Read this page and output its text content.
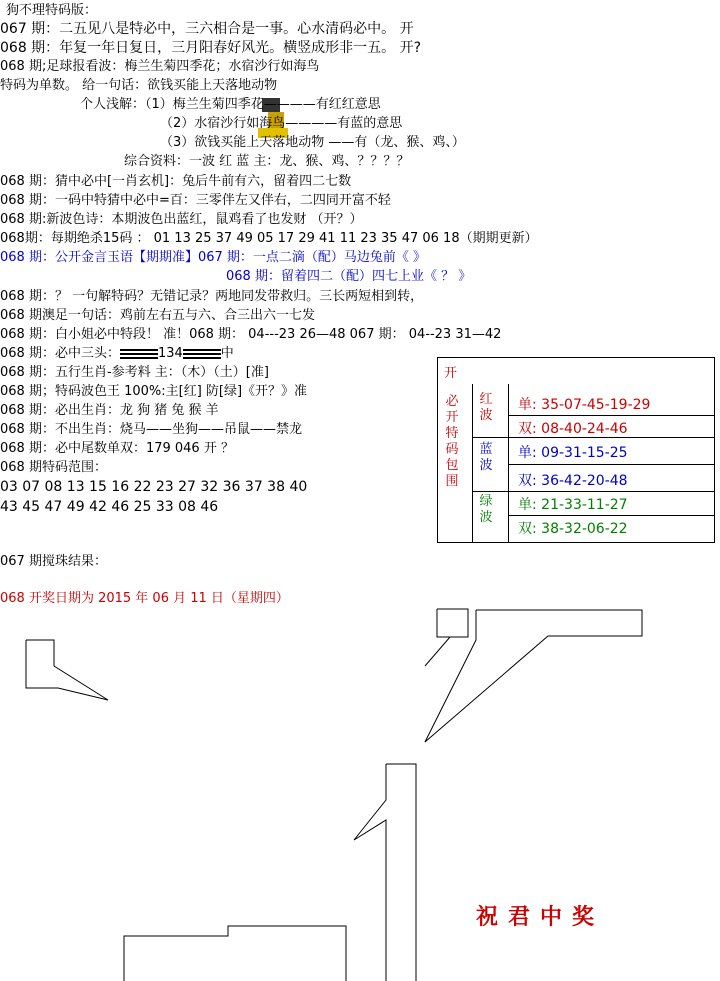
狗不理特码版：
067 期：二五见八是特必中，三六相合是一事。心水清码必中。 开
068 期：年复一年日复日，三月阳春好风光。横竖成形非一五。 开?
068 期;足球报看波：梅兰生菊四季花；水宿沙行如海鸟
特码为单数。 给一句话：欲钱买能上天落地动物
个人浅解：（1）梅兰生菊四季花————有红红意思
（2）水宿沙行如海鸟————有蓝的意思
（3）欲钱买能上天落地动物 ——有（龙、猴、鸡、）
综合资料：一波 红 蓝 主：龙、猴、鸡、？？？？
068 期：猜中必中[一肖玄机]：兔后牛前有六，留着四二七数
068 期：一码中特猜中必中=百：三零伴左又伴右，二四同开富不轻
068 期:新波色诗：本期波色出蓝红，鼠鸡看了也发财 （开？）
068期：每期绝杀15码 ： 01 13 25 37 49 05 17 29 41 11 23 35 47 06 18（期期更新）
068 期：公开金言玉语【期期准】067 期：一点二滴（配）马边兔前《 》
068 期：留着四二（配）四七上业《 ？ 》
068 期：？ 一句解特码？无错记录？两地同发带救归。三长两短相到转，
068 期澳足一句话：鸡前左右五与六、合三出六一七发
068 期：白小姐必中特段！ 准！068 期： 04---23 26—48 067 期： 04--23 31—42
068 期：必中三头：	134	中
068 期：五行生肖-参考料 主：（木）（土）[准]
068 期；特码波色王 100%:主[红] 防[绿]《开？》准
068 期：必出生肖：龙 狗 猪 兔 猴 羊
068 期：不出生肖：烧马——坐狗——吊鼠——禁龙
068 期：必中尾数单双：179 046 开 ？
068 期特码范围：
03 07 08 13 15 16 22 23 27 32 36 37 38 40
43 45 47 49 42 46 25 33 08 46
067 期搅珠结果：
068 开奖日期为 2015 年 06 月 11 日（星期四）
开
必
开
特
码
包
围
红
波
蓝
波
绿
波
单: 35-07-45-19-29
双: 08-40-24-46
单: 09-31-15-25
双: 36-42-20-48
单: 21-33-11-27
双: 38-32-06-22
祝君中奖
